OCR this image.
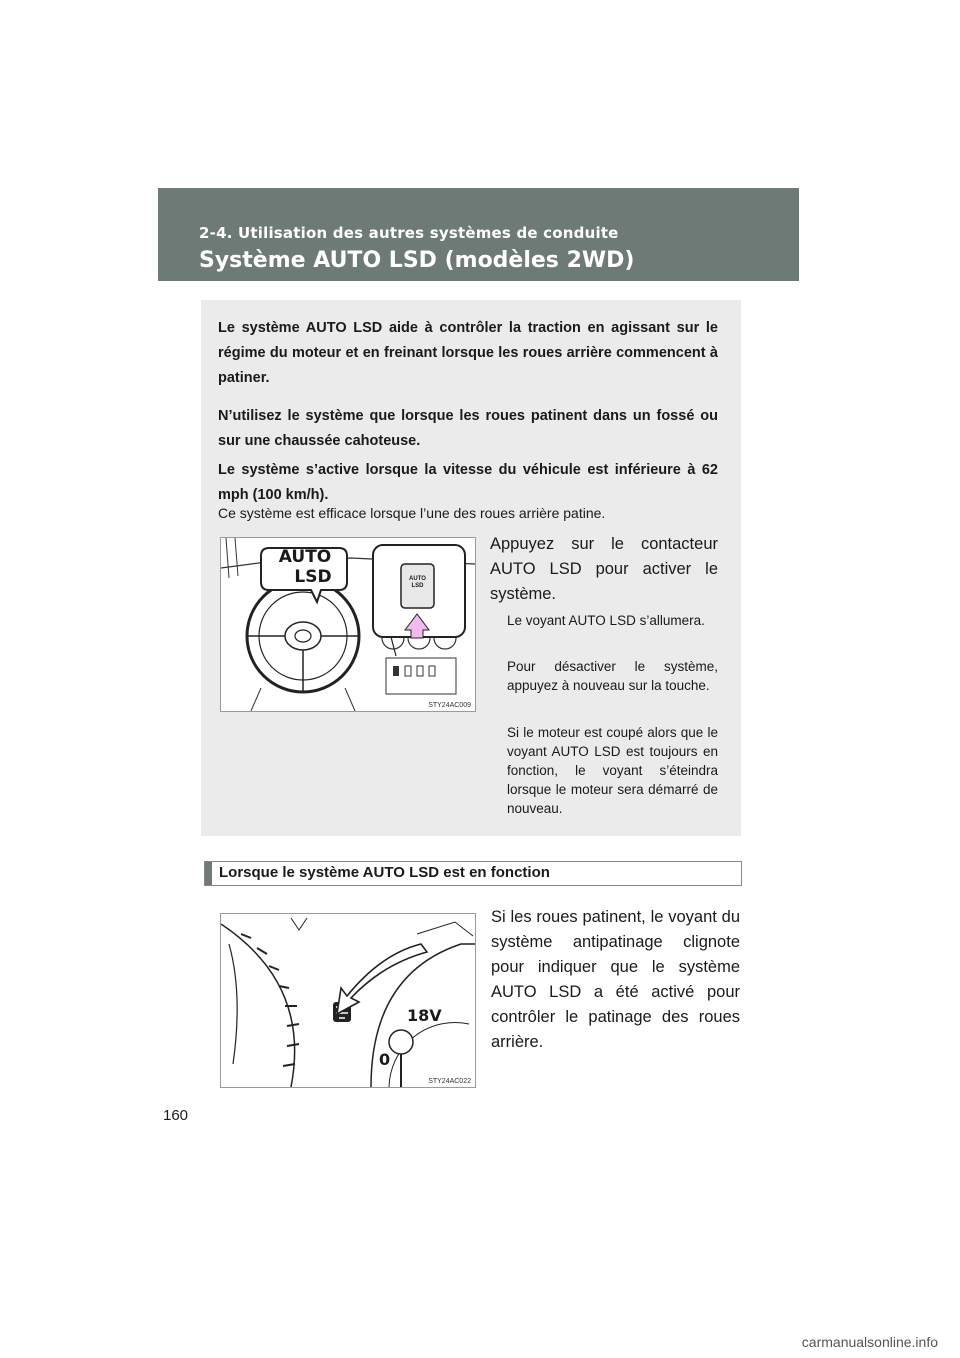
2-4. Utilisation des autres systèmes de conduite
Système AUTO LSD (modèles 2WD)

Le système AUTO LSD aide à contrôler la traction en agissant sur le régime du moteur et en freinant lorsque les roues arrière commencent à patiner.

N’utilisez le système que lorsque les roues patinent dans un fossé ou sur une chaussée cahoteuse.

Le système s’active lorsque la vitesse du véhicule est inférieure à 62 mph (100 km/h).

Ce système est efficace lorsque l’une des roues arrière patine.

AUTO
LSD	AUTO
LSD
STY24AC009

Appuyez sur le contacteur AUTO LSD pour activer le système.

Le voyant AUTO LSD s’allumera.

Pour désactiver le système, appuyez à nouveau sur la touche.

Si le moteur est coupé alors que le voyant AUTO LSD est toujours en fonction, le voyant s’éteindra lorsque le moteur sera démarré de nouveau.

Lorsque le système AUTO LSD est en fonction
18V
0
STY24AC022

Si les roues patinent, le voyant du système antipatinage clignote pour indiquer que le système AUTO LSD a été activé pour contrôler le patinage des roues arrière.

160
carmanualsonline.info
